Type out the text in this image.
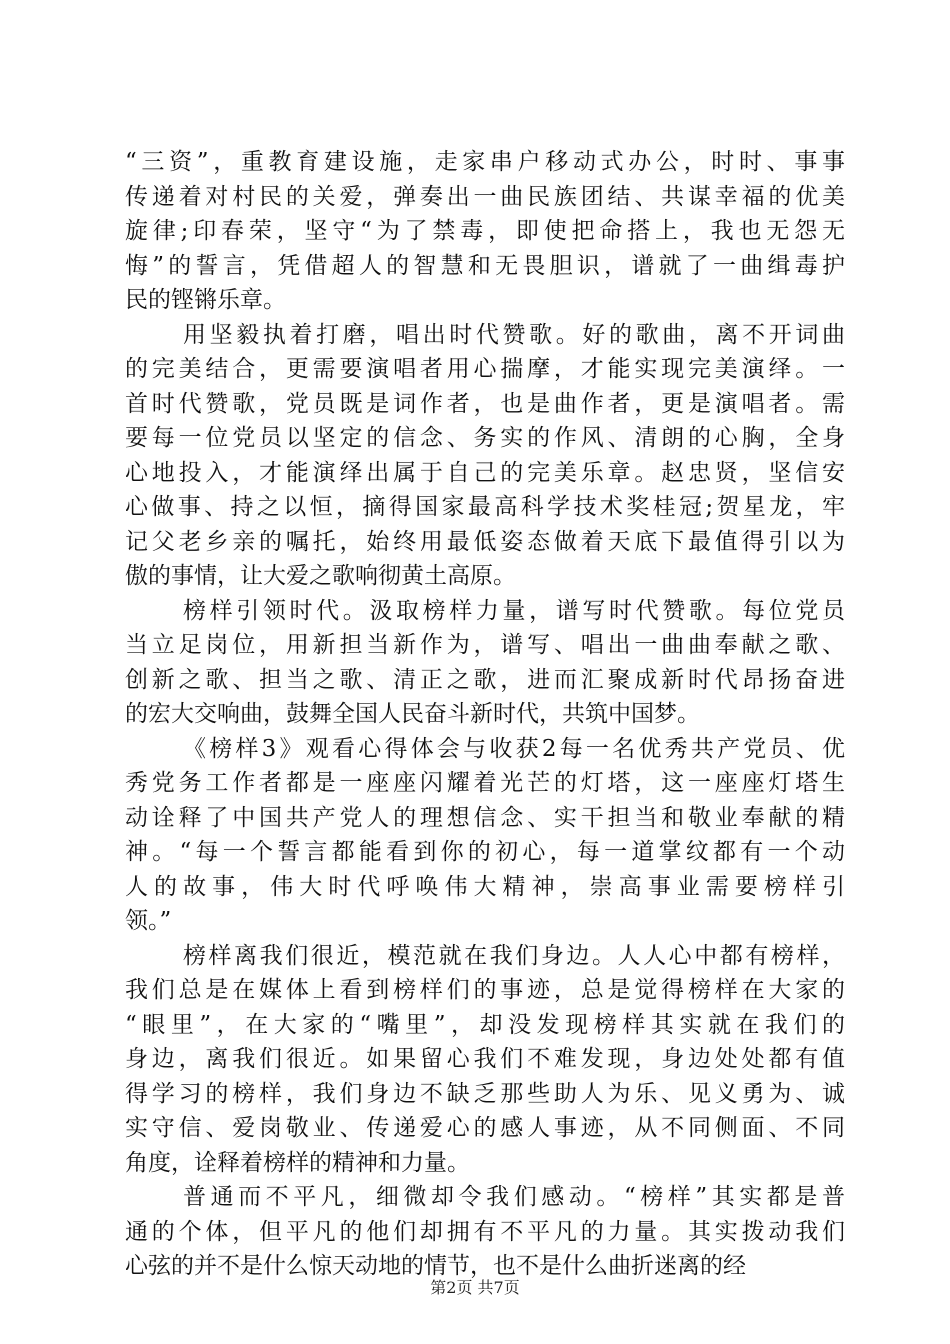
“三资”，重教育建设施，走家串户移动式办公，时时、事事
传递着对村民的关爱，弹奏出一曲民族团结、共谋幸福的优美
旋律;印春荣，坚守“为了禁毒，即使把命搭上，我也无怨无
悔”的誓言，凭借超人的智慧和无畏胆识，谱就了一曲缉毒护
民的铿锵乐章。
用坚毅执着打磨，唱出时代赞歌。好的歌曲，离不开词曲
的完美结合，更需要演唱者用心揣摩，才能实现完美演绎。一
首时代赞歌，党员既是词作者，也是曲作者，更是演唱者。需
要每一位党员以坚定的信念、务实的作风、清朗的心胸，全身
心地投入，才能演绎出属于自己的完美乐章。赵忠贤，坚信安
心做事、持之以恒，摘得国家最高科学技术奖桂冠;贺星龙，牢
记父老乡亲的嘱托，始终用最低姿态做着天底下最值得引以为
傲的事情，让大爱之歌响彻黄土高原。
榜样引领时代。汲取榜样力量，谱写时代赞歌。每位党员
当立足岗位，用新担当新作为，谱写、唱出一曲曲奉献之歌、
创新之歌、担当之歌、清正之歌，进而汇聚成新时代昂扬奋进
的宏大交响曲，鼓舞全国人民奋斗新时代，共筑中国梦。
《榜样3》观看心得体会与收获2每一名优秀共产党员、优
秀党务工作者都是一座座闪耀着光芒的灯塔，这一座座灯塔生
动诠释了中国共产党人的理想信念、实干担当和敬业奉献的精
神。“每一个誓言都能看到你的初心，每一道掌纹都有一个动
人的故事，伟大时代呼唤伟大精神，崇高事业需要榜样引
领。”
榜样离我们很近，模范就在我们身边。人人心中都有榜样，
我们总是在媒体上看到榜样们的事迹，总是觉得榜样在大家的
“眼里”，在大家的“嘴里”，却没发现榜样其实就在我们的
身边，离我们很近。如果留心我们不难发现，身边处处都有值
得学习的榜样，我们身边不缺乏那些助人为乐、见义勇为、诚
实守信、爱岗敬业、传递爱心的感人事迹，从不同侧面、不同
角度，诠释着榜样的精神和力量。
普通而不平凡，细微却令我们感动。“榜样”其实都是普
通的个体，但平凡的他们却拥有不平凡的力量。其实拨动我们
心弦的并不是什么惊天动地的情节，也不是什么曲折迷离的经
第2页 共7页
